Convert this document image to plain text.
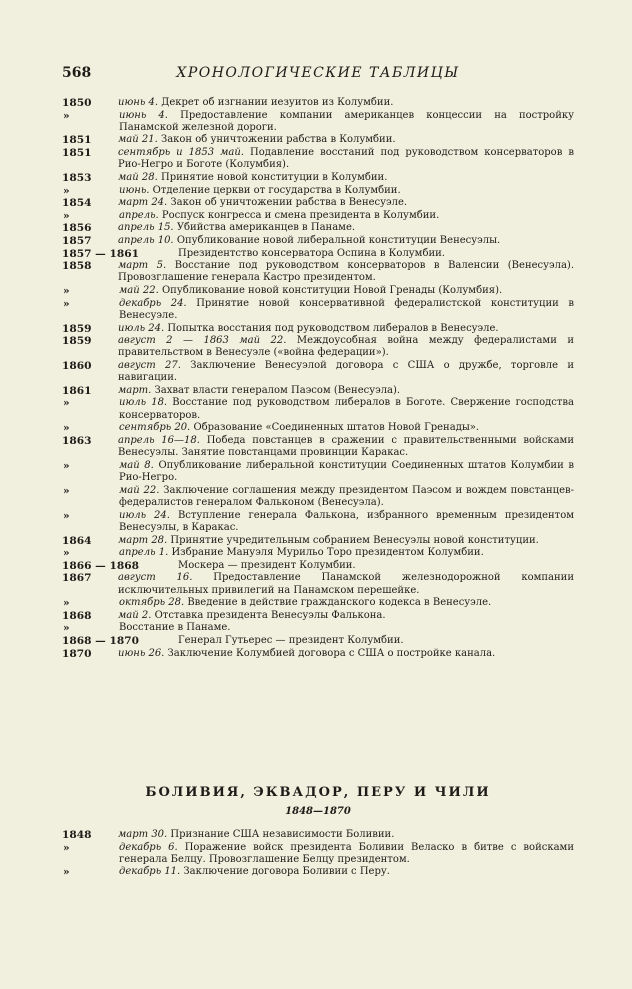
568	ХРОНОЛОГИЧЕСКИЕ ТАБЛИЦЫ
1850	июнь 4. Декрет об изгнании иезуитов из Колумбии.
»	июнь 4. Предоставление компании американцев концессии на постройку Панамской железной дороги.
1851	май 21. Закон об уничтожении рабства в Колумбии.
1851	сентябрь и 1853 май. Подавление восстаний под руководством консерваторов в Рио-Негро и Боготе (Колумбия).
1853	май 28. Принятие новой конституции в Колумбии.
»	июнь. Отделение церкви от государства в Колумбии.
1854	март 24. Закон об уничтожении рабства в Венесуэле.
»	апрель. Роспуск конгресса и смена президента в Колумбии.
1856	апрель 15. Убийства американцев в Панаме.
1857	апрель 10. Опубликование новой либеральной конституции Венесуэлы.
1857 — 1861	Президентство консерватора Оспина в Колумбии.
1858	март 5. Восстание под руководством консерваторов в Валенсии (Венесуэла). Провозглашение генерала Кастро президентом.
»	май 22. Опубликование новой конституции Новой Гренады (Колумбия).
»	декабрь 24. Принятие новой консервативной федералистской конституции в Венесуэле.
1859	июль 24. Попытка восстания под руководством либералов в Венесуэле.
1859	август 2 — 1863 май 22. Междоусобная война между федералистами и правительством в Венесуэле («война федерации»).
1860	август 27. Заключение Венесуэлой договора с США о дружбе, торговле и навигации.
1861	март. Захват власти генералом Паэсом (Венесуэла).
»	июль 18. Восстание под руководством либералов в Боготе. Свержение господства консерваторов.
»	сентябрь 20. Образование «Соединенных штатов Новой Гренады».
1863	апрель 16—18. Победа повстанцев в сражении с правительственными войсками Венесуэлы. Занятие повстанцами провинции Каракас.
»	май 8. Опубликование либеральной конституции Соединенных штатов Колумбии в Рио-Негро.
»	май 22. Заключение соглашения между президентом Паэсом и вождем повстанцев-федералистов генералом Фальконом (Венесуэла).
»	июль 24. Вступление генерала Фалькона, избранного временным президентом Венесуэлы, в Каракас.
1864	март 28. Принятие учредительным собранием Венесуэлы новой конституции.
»	апрель 1. Избрание Мануэля Мурильо Торо президентом Колумбии.
1866 — 1868	Москера — президент Колумбии.
1867	август 16. Предоставление Панамской железнодорожной компании исключительных привилегий на Панамском перешейке.
»	октябрь 28. Введение в действие гражданского кодекса в Венесуэле.
1868	май 2. Отставка президента Венесуэлы Фалькона.
»	Восстание в Панаме.
1868 — 1870	Генерал Гутьерес — президент Колумбии.
1870	июнь 26. Заключение Колумбией договора с США о постройке канала.
БОЛИВИЯ, ЭКВАДОР, ПЕРУ И ЧИЛИ
1848—1870
1848	март 30. Признание США независимости Боливии.
»	декабрь 6. Поражение войск президента Боливии Веласко в битве с войсками генерала Белцу. Провозглашение Белцу президентом.
»	декабрь 11. Заключение договора Боливии с Перу.
